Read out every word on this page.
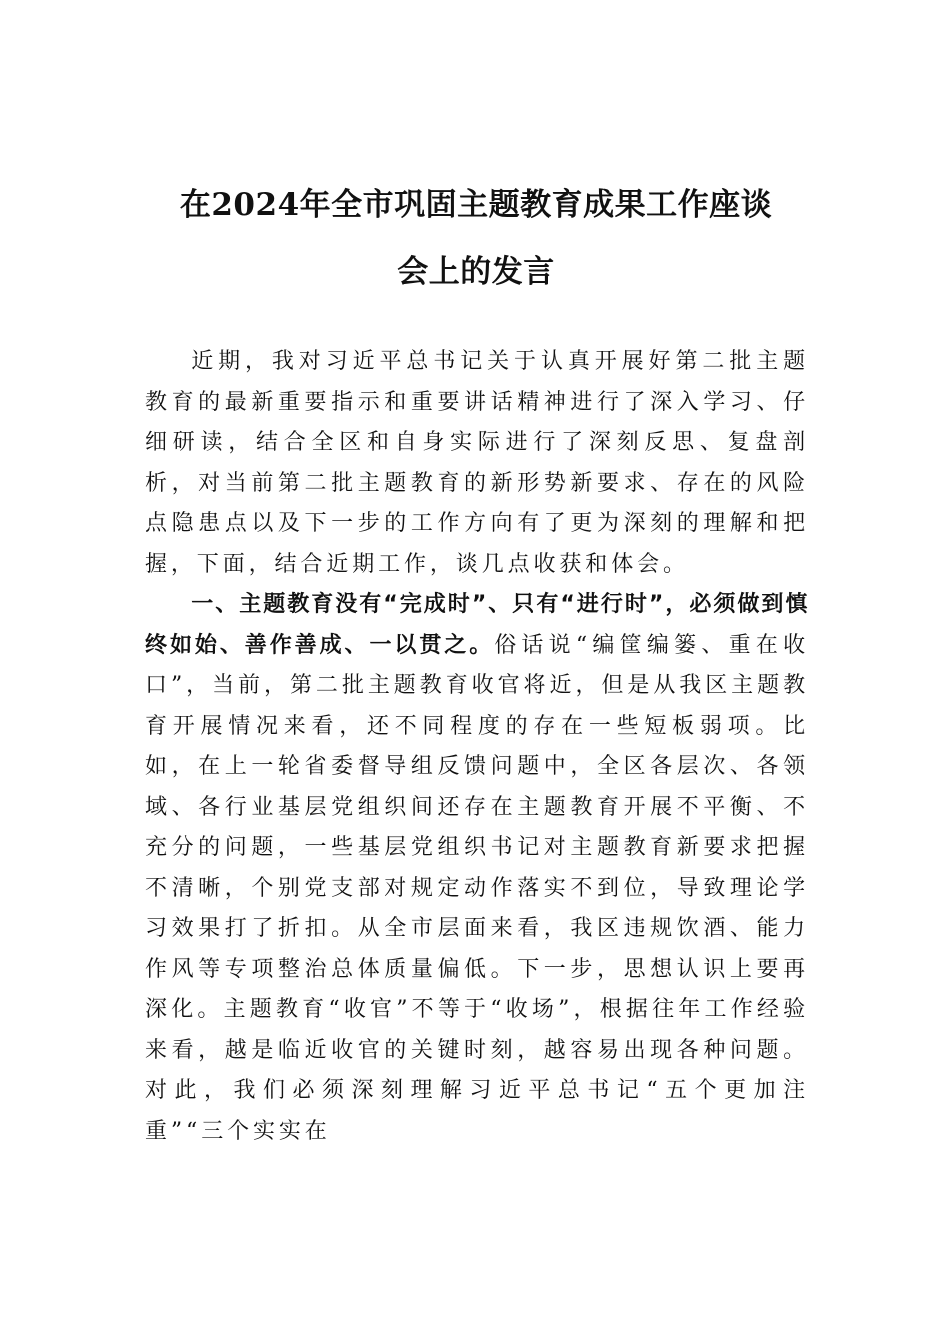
在2024年全市巩固主题教育成果工作座谈
会上的发言

近期，我对习近平总书记关于认真开展好第二批主题教育的最新重要指示和重要讲话精神进行了深入学习、仔细研读，结合全区和自身实际进行了深刻反思、复盘剖析，对当前第二批主题教育的新形势新要求、存在的风险点隐患点以及下一步的工作方向有了更为深刻的理解和把握，下面，结合近期工作，谈几点收获和体会。

一、主题教育没有“完成时”、只有“进行时”，必须做到慎终如始、善作善成、一以贯之。俗话说“编筐编篓、重在收口”，当前，第二批主题教育收官将近，但是从我区主题教育开展情况来看，还不同程度的存在一些短板弱项。比如，在上一轮省委督导组反馈问题中，全区各层次、各领域、各行业基层党组织间还存在主题教育开展不平衡、不充分的问题，一些基层党组织书记对主题教育新要求把握不清晰，个别党支部对规定动作落实不到位，导致理论学习效果打了折扣。从全市层面来看，我区违规饮酒、能力作风等专项整治总体质量偏低。下一步，思想认识上要再深化。主题教育“收官”不等于“收场”，根据往年工作经验来看，越是临近收官的关键时刻，越容易出现各种问题。对此，我们必须深刻理解习近平总书记“五个更加注重”“三个实实在
